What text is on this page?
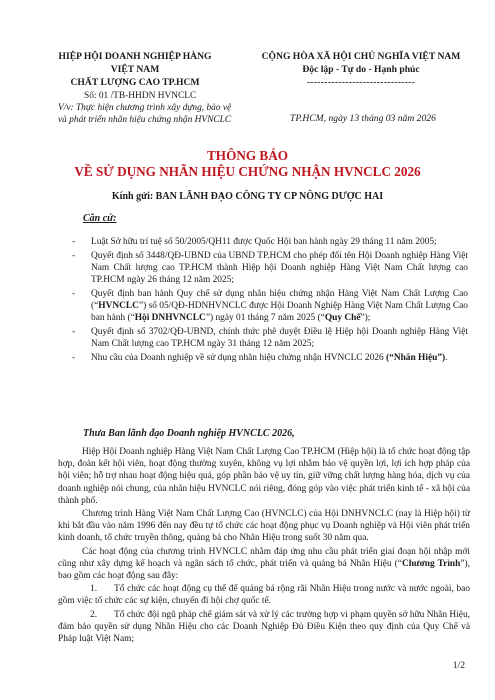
HIỆP HỘI DOANH NGHIỆP HÀNG VIỆT NAM
CHẤT LƯỢNG CAO TP.HCM
CỘNG HÒA XÃ HỘI CHỦ NGHĨA VIỆT NAM
Độc lập - Tự do - Hạnh phúc
-------------------------------
Số: 01 /TB-HHDN HVNCLC
V/v: Thực hiện chương trình xây dựng, bảo vệ
và phát triển nhãn hiệu chứng nhận HVNCLC	TP.HCM, ngày 13 tháng 03 năm 2026
THÔNG BÁO
VỀ SỬ DỤNG NHÃN HIỆU CHỨNG NHẬN HVNCLC 2026
Kính gửi: BAN LÃNH ĐẠO CÔNG TY CP NÔNG DƯỢC HAI
Căn cứ:
- Luật Sở hữu trí tuệ số 50/2005/QH11 được Quốc Hội ban hành ngày 29 tháng 11 năm 2005;
- Quyết định số 3448/QĐ-UBND của UBND TP.HCM cho phép đổi tên Hội Doanh nghiệp Hàng Việt Nam Chất lượng cao TP.HCM thành Hiệp hội Doanh nghiệp Hàng Việt Nam Chất lượng cao TP.HCM ngày 26 tháng 12 năm 2025;
- Quyết định ban hành Quy chế sử dụng nhãn hiệu chứng nhận Hàng Việt Nam Chất Lượng Cao (“HVNCLC”) số 05/QĐ-HDNHVNCLC được Hội Doanh Nghiệp Hàng Việt Nam Chất Lượng Cao ban hành (“Hội DNHVNCLC”) ngày 01 tháng 7 năm 2025 (“Quy Chế”);
- Quyết định số 3702/QĐ-UBND, chính thức phê duyệt Điều lệ Hiệp hội Doanh nghiệp Hàng Việt Nam Chất lượng cao TP.HCM ngày 31 tháng 12 năm 2025;
- Nhu cầu của Doanh nghiệp về sử dụng nhãn hiệu chứng nhận HVNCLC 2026 (“Nhãn Hiệu”).
Thưa Ban lãnh đạo Doanh nghiệp HVNCLC 2026,

Hiệp Hội Doanh nghiệp Hàng Việt Nam Chất Lượng Cao TP.HCM (Hiệp hội) là tổ chức hoạt động tập hợp, đoàn kết hội viên, hoạt động thường xuyên, không vụ lợi nhằm bảo vệ quyền lợi, lợi ích hợp pháp của hội viên; hỗ trợ nhau hoạt động hiệu quả, góp phần bảo vệ uy tín, giữ vững chất lượng hàng hóa, dịch vụ của doanh nghiệp nói chung, của nhãn hiệu HVNCLC nói riêng, đóng góp vào việc phát triển kinh tế - xã hội của thành phố.

Chương trình Hàng Việt Nam Chất Lượng Cao (HVNCLC) của Hội DNHVNCLC (nay là Hiệp hội) từ khi bắt đầu vào năm 1996 đến nay đều tự tổ chức các hoạt động phục vụ Doanh nghiệp và Hội viên phát triển kinh doanh, tổ chức truyền thông, quảng bá cho Nhãn Hiệu trong suốt 30 năm qua.

Các hoạt động của chương trình HVNCLC nhằm đáp ứng nhu cầu phát triển giai đoạn hội nhập mới cũng như xây dựng kế hoạch và ngân sách tổ chức, phát triển và quảng bá Nhãn Hiệu (“Chương Trình”), bao gồm các hoạt động sau đây:

1. Tổ chức các hoạt động cụ thể để quảng bá rộng rãi Nhãn Hiệu trong nước và nước ngoài, bao gồm việc tổ chức các sự kiện, chuyến đi hội chợ quốc tế.

2. Tổ chức đội ngũ pháp chế giám sát và xử lý các trường hợp vi phạm quyền sở hữu Nhãn Hiệu, đảm bảo quyền sử dụng Nhãn Hiệu cho các Doanh Nghiệp Đủ Điều Kiện theo quy định của Quy Chế và Pháp luật Việt Nam;

1/2
